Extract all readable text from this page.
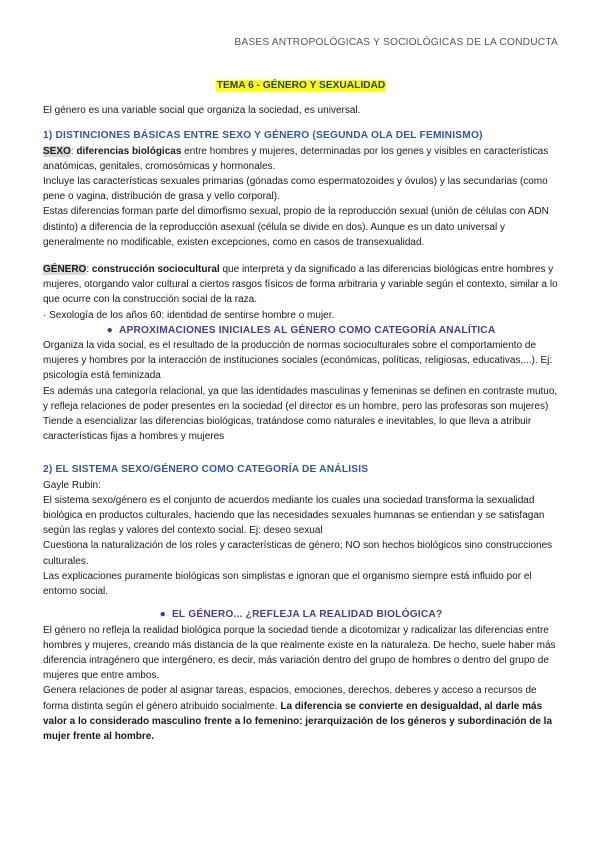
BASES ANTROPOLÓGICAS Y SOCIOLÓGICAS DE LA CONDUCTA
TEMA 6 - GÉNERO Y SEXUALIDAD

El género es una variable social que organiza la sociedad, es universal.

1) DISTINCIONES BÁSICAS ENTRE SEXO Y GÉNERO (SEGUNDA OLA DEL FEMINISMO)

SEXO: diferencias biológicas entre hombres y mujeres, determinadas por los genes y visibles en características anatómicas, genitales, cromosómicas y hormonales.

Incluye las características sexuales primarias (gónadas como espermatozoides y óvulos) y las secundarias (como pene o vagina, distribución de grasa y vello corporal).

Estas diferencias forman parte del dimorfismo sexual, propio de la reproducción sexual (unión de células con ADN distinto) a diferencia de la reproducción asexual (célula se divide en dos). Aunque es un dato universal y generalmente no modificable, existen excepciones, como en casos de transexualidad.

GÉNERO: construcción sociocultural que interpreta y da significado a las diferencias biológicas entre hombres y mujeres, otorgando valor cultural a ciertos rasgos físicos de forma arbitraria y variable según el contexto, similar a lo que ocurre con la construcción social de la raza.

· Sexología de los años 60: identidad de sentirse hombre o mujer.

● APROXIMACIONES INICIALES AL GÉNERO COMO CATEGORÍA ANALÍTICA

Organiza la vida social, es el resultado de la producción de normas socioculturales sobre el comportamiento de mujeres y hombres por la interacción de instituciones sociales (económicas, políticas, religiosas, educativas,...). Ej: psicología está feminizada

Es además una categoría relacional, ya que las identidades masculinas y femeninas se definen en contraste mutuo, y refleja relaciones de poder presentes en la sociedad (el director es un hombre, pero las profesoras son mujeres)

Tiende a esencializar las diferencias biológicas, tratándose como naturales e inevitables, lo que lleva a atribuir características fijas a hombres y mujeres

2) EL SISTEMA SEXO/GÉNERO COMO CATEGORÍA DE ANÁLISIS

Gayle Rubin:

El sistema sexo/género es el conjunto de acuerdos mediante los cuales una sociedad transforma la sexualidad biológica en productos culturales, haciendo que las necesidades sexuales humanas se entiendan y se satisfagan según las reglas y valores del contexto social. Ej: deseo sexual

Cuestiona la naturalización de los roles y características de género; NO son hechos biológicos sino construcciones culturales.

Las explicaciones puramente biológicas son simplistas e ignoran que el organismo siempre está influido por el entorno social.

● EL GÉNERO... ¿REFLEJA LA REALIDAD BIOLÓGICA?

El género no refleja la realidad biológica porque la sociedad tiende a dicotomizar y radicalizar las diferencias entre hombres y mujeres, creando más distancia de la que realmente existe en la naturaleza. De hecho, suele haber más diferencia intragénero que intergénero, es decir, más variación dentro del grupo de hombres o dentro del grupo de mujeres que entre ambos.

Genera relaciones de poder al asignar tareas, espacios, emociones, derechos, deberes y acceso a recursos de forma distinta según el género atribuido socialmente. La diferencia se convierte en desigualdad, al darle más valor a lo considerado masculino frente a lo femenino: jerarquización de los géneros y subordinación de la mujer frente al hombre.
